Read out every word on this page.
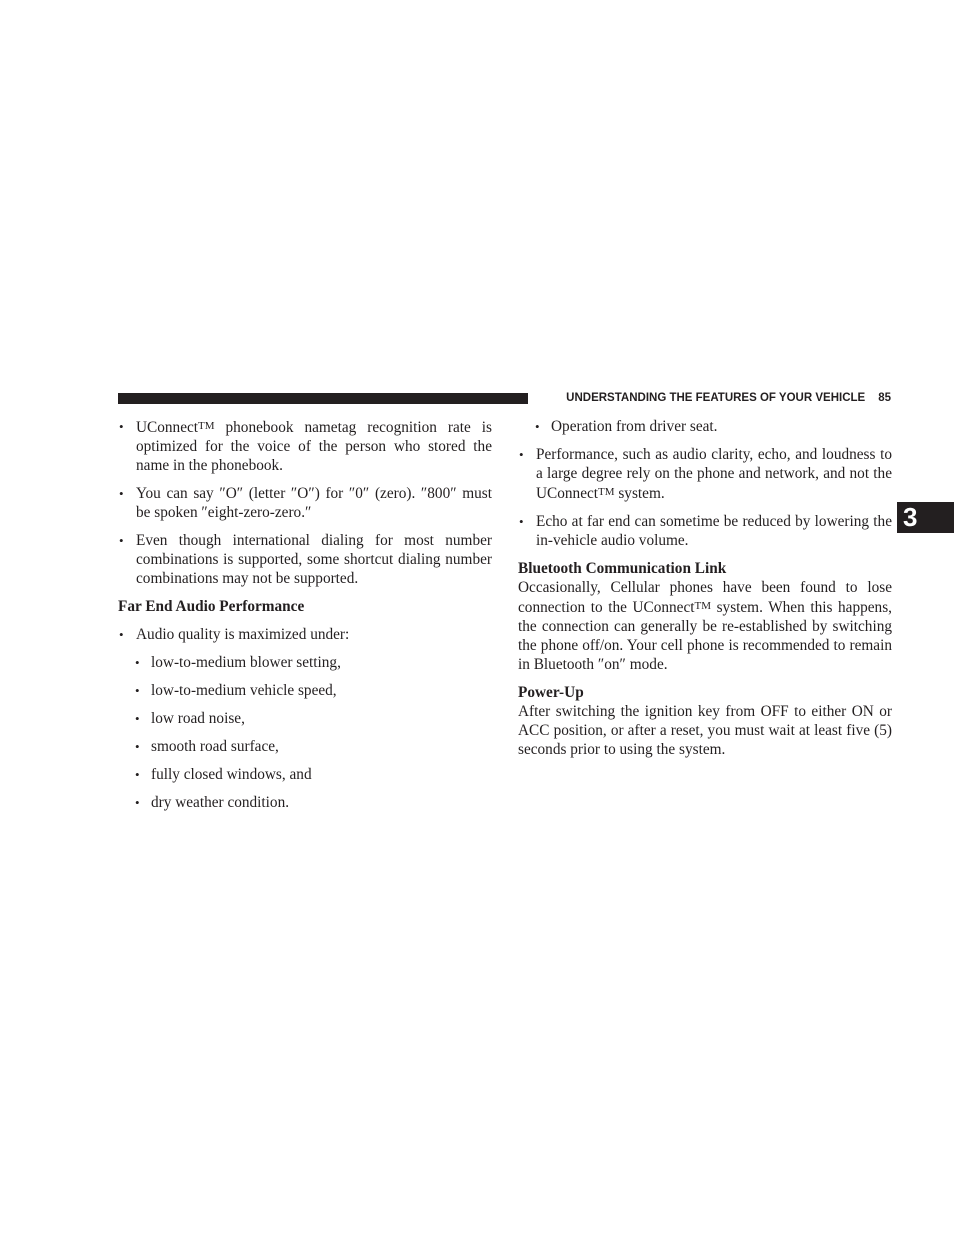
UNDERSTANDING THE FEATURES OF YOUR VEHICLE 85
3
• UConnectTM phonebook nametag recognition rate is optimized for the voice of the person who stored the name in the phonebook.
• You can say ″O″ (letter ″O″) for ″0″ (zero). ″800″ must be spoken ″eight-zero-zero.″
• Even though international dialing for most number combinations is supported, some shortcut dialing number combinations may not be supported.

Far End Audio Performance

• Audio quality is maximized under:
• low-to-medium blower setting,
• low-to-medium vehicle speed,
• low road noise,
• smooth road surface,
• fully closed windows, and
• dry weather condition.
• Operation from driver seat.
• Performance, such as audio clarity, echo, and loudness to a large degree rely on the phone and network, and not the UConnectTM system.
• Echo at far end can sometime be reduced by lowering the in-vehicle audio volume.

Bluetooth Communication Link

Occasionally, Cellular phones have been found to lose connection to the UConnectTM system. When this happens, the connection can generally be re-established by switching the phone off/on. Your cell phone is recommended to remain in Bluetooth ″on″ mode.

Power-Up

After switching the ignition key from OFF to either ON or ACC position, or after a reset, you must wait at least five (5) seconds prior to using the system.
